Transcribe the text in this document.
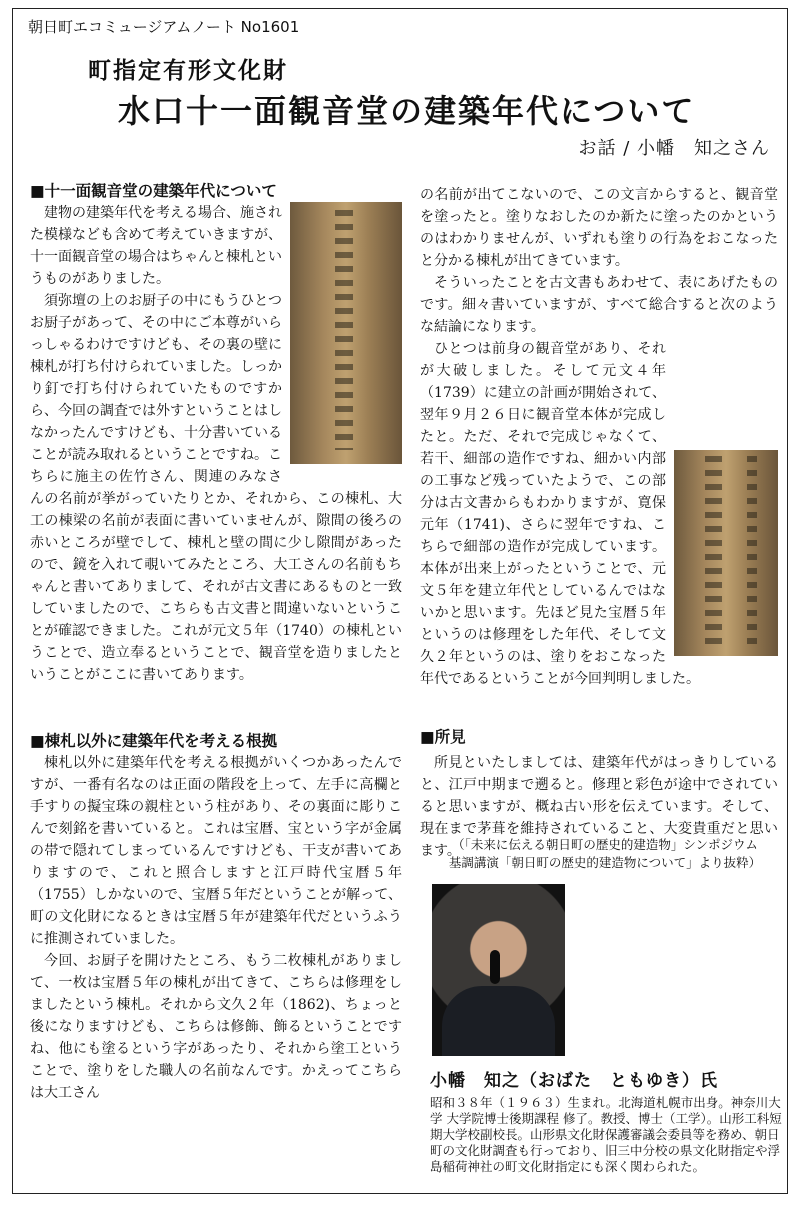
朝日町エコミュージアムノート No1601
町指定有形文化財
水口十一面観音堂の建築年代について
お話 / 小幡　知之さん

■十一面観音堂の建築年代について

建物の建築年代を考える場合、施された模様なども含めて考えていきますが、十一面観音堂の場合はちゃんと棟札というものがありました。

須弥壇の上のお厨子の中にもうひとつお厨子があって、その中にご本尊がいらっしゃるわけですけども、その裏の壁に棟札が打ち付けられていました。しっかり釘で打ち付けられていたものですから、今回の調査では外すということはしなかったんですけども、十分書いていることが読み取れるということですね。こちらに施主の佐竹さん、関連のみなさんの名前が挙がっていたりとか、それから、この棟札、大工の棟梁の名前が表面に書いていませんが、隙間の後ろの赤いところが壁でして、棟札と壁の間に少し隙間があったので、鏡を入れて覗いてみたところ、大工さんの名前もちゃんと書いてありまして、それが古文書にあるものと一致していましたので、こちらも古文書と間違いないということが確認できました。これが元文５年（1740）の棟札ということで、造立奉るということで、観音堂を造りましたということがここに書いてあります。

■棟札以外に建築年代を考える根拠

棟札以外に建築年代を考える根拠がいくつかあったんですが、一番有名なのは正面の階段を上って、左手に高欄と手すりの擬宝珠の親柱という柱があり、その裏面に彫りこんで刻銘を書いていると。これは宝暦、宝という字が金属の帯で隠れてしまっているんですけども、干支が書いてありますので、これと照合しますと江戸時代宝暦５年（1755）しかないので、宝暦５年だということが解って、町の文化財になるときは宝暦５年が建築年代だというふうに推測されていました。

今回、お厨子を開けたところ、もう二枚棟札がありまして、一枚は宝暦５年の棟札が出てきて、こちらは修理をしましたという棟札。それから文久２年（1862)、ちょっと後になりますけども、こちらは修飾、飾るということですね、他にも塗るという字があったり、それから塗工ということで、塗りをした職人の名前なんです。かえってこちらは大工さん

の名前が出てこないので、この文言からすると、観音堂を塗ったと。塗りなおしたのか新たに塗ったのかというのはわかりませんが、いずれも塗りの行為をおこなったと分かる棟札が出てきています。

そういったことを古文書もあわせて、表にあげたものです。細々書いていますが、すべて総合すると次のような結論になります。

ひとつは前身の観音堂があり、それが大破しました。そして元文４年（1739）に建立の計画が開始されて、翌年９月２６日に観音堂本体が完成したと。ただ、それで完成じゃなくて、若干、細部の造作ですね、細かい内部の工事など残っていたようで、この部分は古文書からもわかりますが、寛保元年（1741)、さらに翌年ですね、こちらで細部の造作が完成しています。本体が出来上がったということで、元文５年を建立年代としているんではないかと思います。先ほど見た宝暦５年というのは修理をした年代、そして文久２年というのは、塗りをおこなった年代であるということが今回判明しました。

■所見

所見といたしましては、建築年代がはっきりしていると、江戸中期まで遡ると。修理と彩色が途中でされていると思いますが、概ね古い形を伝えています。そして、現在まで茅葺を維持されていること、大変貴重だと思います。

（「未来に伝える朝日町の歴史的建造物」シンポジウム
基調講演「朝日町の歴史的建造物について」より抜粋）
小幡　知之（おばた　ともゆき）氏
昭和３８年（１９６３）生まれ。北海道札幌市出身。神奈川大学 大学院博士後期課程 修了。教授、博士（工学）。山形工科短期大学校副校長。山形県文化財保護審議会委員等を務め、朝日町の文化財調査も行っており、旧三中分校の県文化財指定や浮島稲荷神社の町文化財指定にも深く関わられた。
